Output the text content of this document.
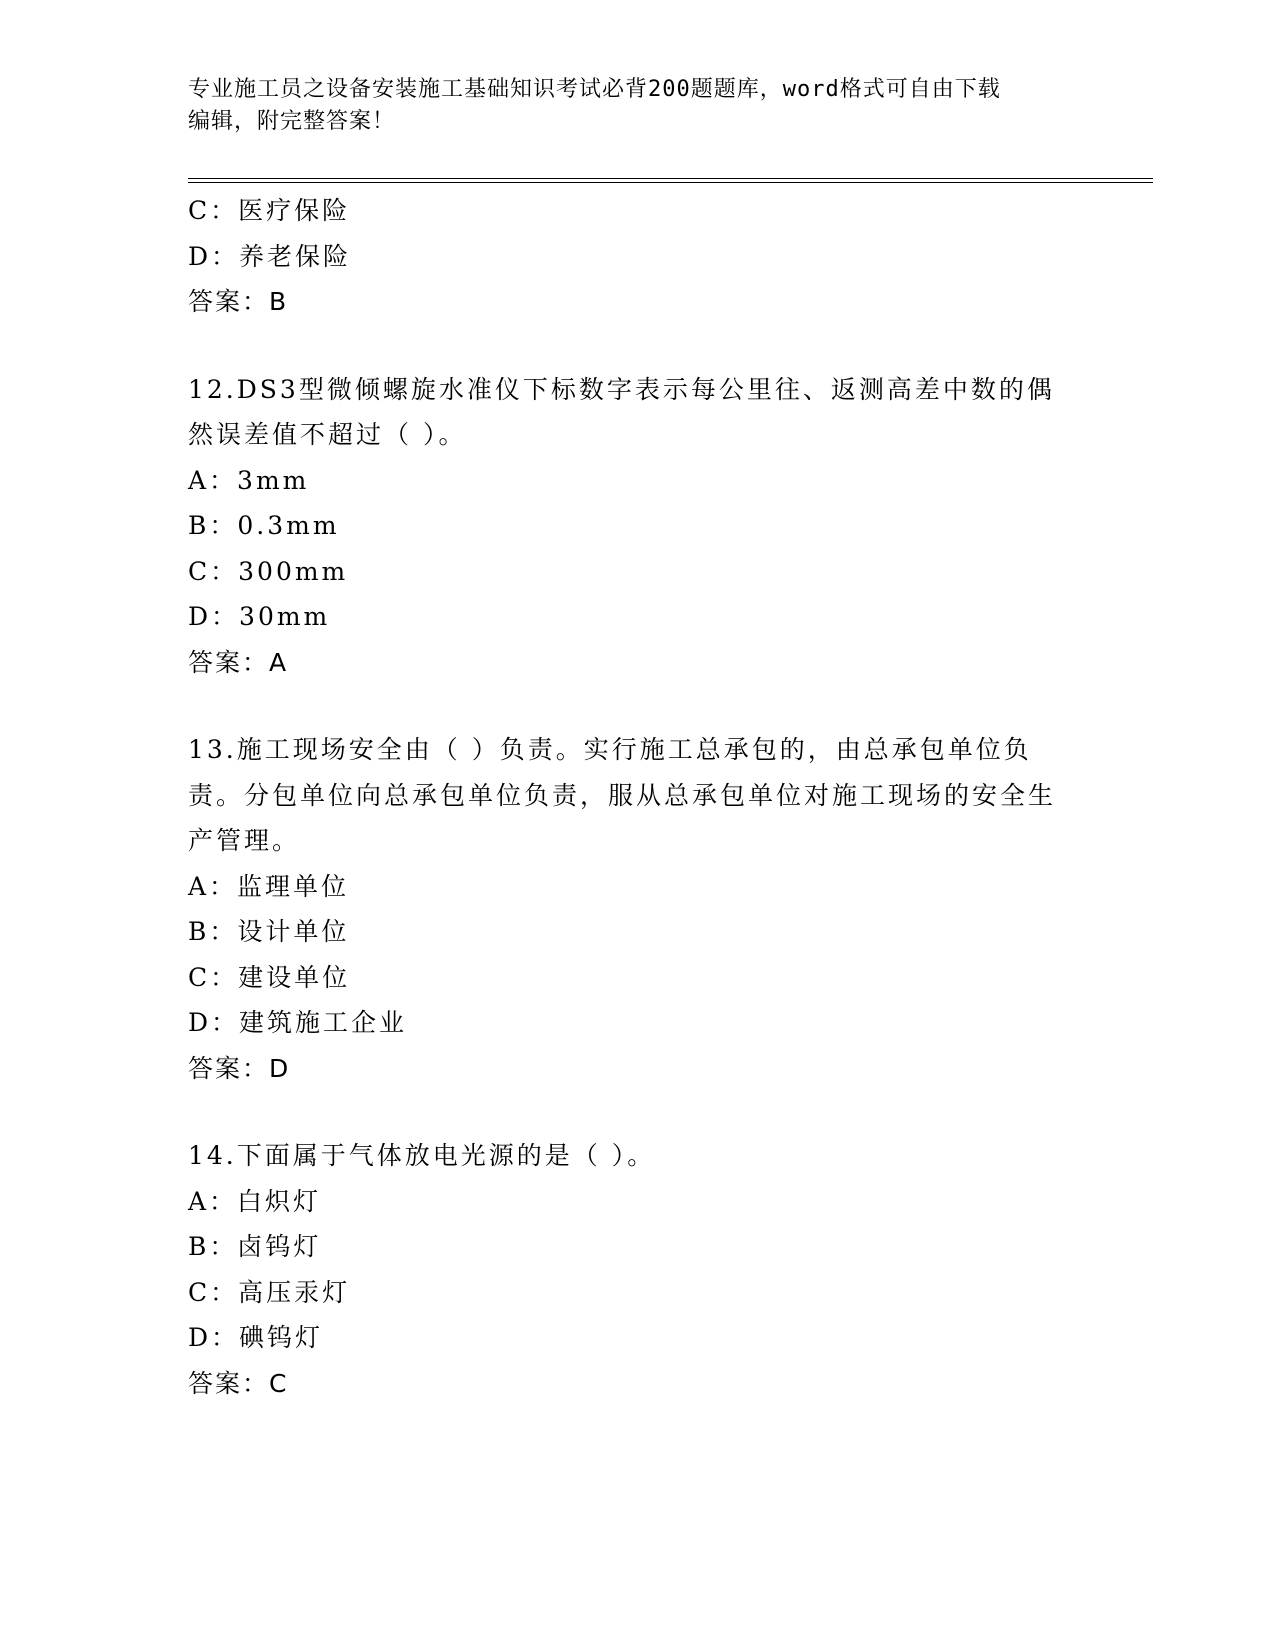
专业施工员之设备安装施工基础知识考试必背200题题库，word格式可自由下载
编辑，附完整答案！
C：医疗保险
D：养老保险
答案：B
12.DS3型微倾螺旋水准仪下标数字表示每公里往、返测高差中数的偶然误差值不超过（ ）。
A：3mm
B：0.3mm
C：300mm
D：30mm
答案：A
13.施工现场安全由（ ）负责。实行施工总承包的，由总承包单位负责。分包单位向总承包单位负责，服从总承包单位对施工现场的安全生产管理。
A：监理单位
B：设计单位
C：建设单位
D：建筑施工企业
答案：D
14.下面属于气体放电光源的是（ ）。
A：白炽灯
B：卤钨灯
C：高压汞灯
D：碘钨灯
答案：C
